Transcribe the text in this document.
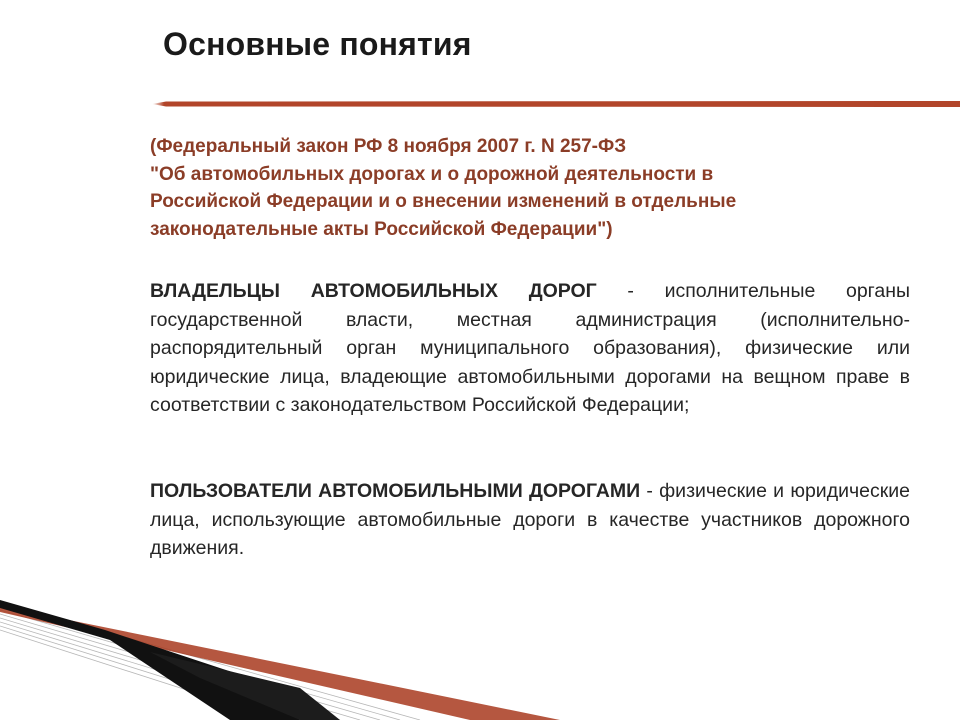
Основные понятия

(Федеральный закон РФ 8 ноября 2007 г. N 257-ФЗ
"Об автомобильных дорогах и о дорожной деятельности в
Российской Федерации и о внесении изменений в отдельные
законодательные акты Российской Федерации")

ВЛАДЕЛЬЦЫ АВТОМОБИЛЬНЫХ ДОРОГ - исполнительные органы государственной власти, местная администрация (исполнительно-распорядительный орган муниципального образования), физические или юридические лица, владеющие автомобильными дорогами на вещном праве в соответствии с законодательством Российской Федерации;

ПОЛЬЗОВАТЕЛИ АВТОМОБИЛЬНЫМИ ДОРОГАМИ - физические и юридические лица, использующие автомобильные дороги в качестве участников дорожного движения.
